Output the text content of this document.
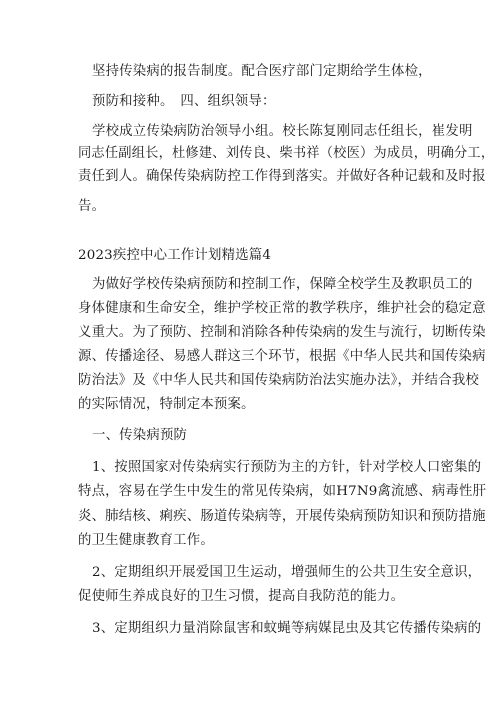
坚持传染病的报告制度。配合医疗部门定期给学生体检，
预防和接种。　四、组织领导：
学校成立传染病防治领导小组。校长陈复刚同志任组长，崔发明
同志任副组长，杜修建、刘传良、柴书祥（校医）为成员，明确分工，
责任到人。确保传染病防控工作得到落实。并做好各种记载和及时报
告。
2023疾控中心工作计划精选篇4
为做好学校传染病预防和控制工作，保障全校学生及教职员工的
身体健康和生命安全，维护学校正常的教学秩序，维护社会的稳定意
义重大。为了预防、控制和消除各种传染病的发生与流行，切断传染
源、传播途径、易感人群这三个环节，根据《中华人民共和国传染病
防治法》及《中华人民共和国传染病防治法实施办法》，并结合我校
的实际情况，特制定本预案。
一、传染病预防
1、按照国家对传染病实行预防为主的方针，针对学校人口密集的
特点，容易在学生中发生的常见传染病，如H7N9禽流感、病毒性肝
炎、肺结核、痢疾、肠道传染病等，开展传染病预防知识和预防措施
的卫生健康教育工作。
2、定期组织开展爱国卫生运动，增强师生的公共卫生安全意识，
促使师生养成良好的卫生习惯，提高自我防范的能力。
3、定期组织力量消除鼠害和蚊蝇等病媒昆虫及其它传播传染病的
